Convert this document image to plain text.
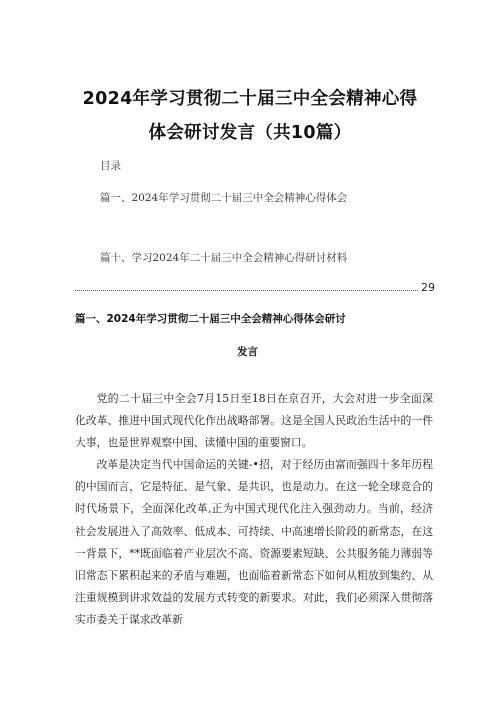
2024年学习贯彻二十届三中全会精神心得
体会研讨发言（共10篇）
目录
篇一、2024年学习贯彻二十届三中全会精神心得体会
篇十、学习2024年二十届三中全会精神心得研讨材料
29
篇一、2024年学习贯彻二十届三中全会精神心得体会研讨
发言

党的二十届三中全会7月15日至18日在京召开，大会对进一步全面深化改革、推进中国式现代化作出战略部署。这是全国人民政治生活中的一件大事，也是世界观察中国、读懂中国的重要窗口。

改革是决定当代中国命运的关键-•招，对于经历由富而强四十多年历程的中国而言，它是特征、是气象、是共识，也是动力。在这一轮全球竞合的时代场景下，全面深化改革,正为中国式现代化注入强劲动力。当前，经济社会发展进入了高效率、低成本、可持续、中高速增长阶段的新常态，在这一背景下，**既面临着产业层次不高、资源要素短缺、公共服务能力薄弱等旧常态下累积起来的矛盾与难题，也面临着新常态下如何从粗放到集约、从注重规模到讲求效益的发展方式转变的新要求。对此，我们必须深入贯彻落实市委关于谋求改革新
